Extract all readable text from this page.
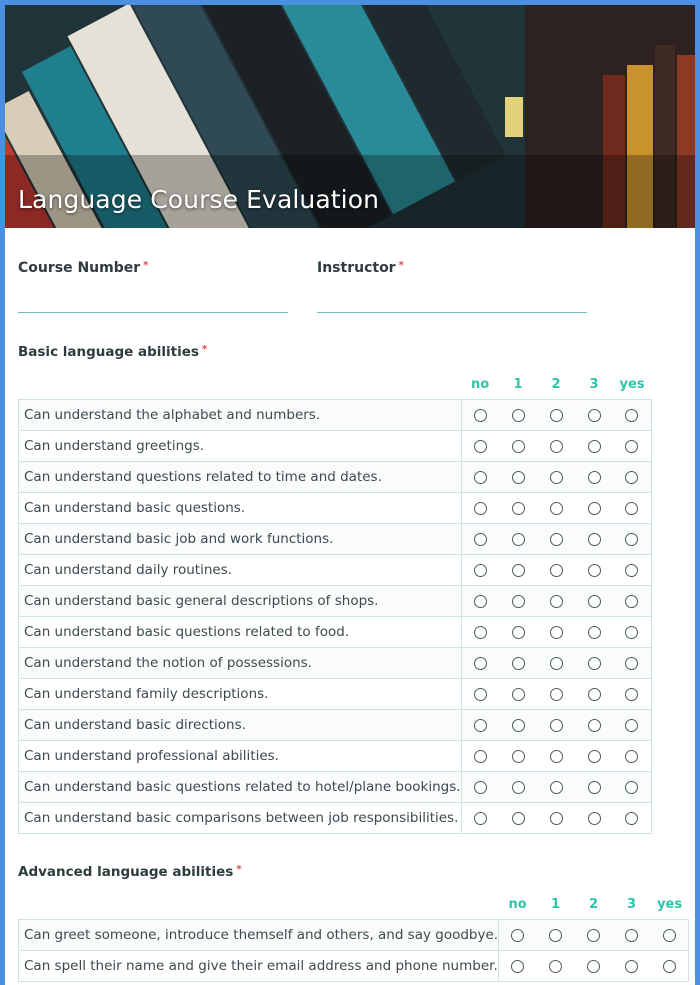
Language Course Evaluation
Course Number *	Instructor *
Basic language abilities *
	no	1	2	3	yes
Can understand the alphabet and numbers.					
Can understand greetings.					
Can understand questions related to time and dates.					
Can understand basic questions.					
Can understand basic job and work functions.					
Can understand daily routines.					
Can understand basic general descriptions of shops.					
Can understand basic questions related to food.					
Can understand the notion of possessions.					
Can understand family descriptions.					
Can understand basic directions.					
Can understand professional abilities.					
Can understand basic questions related to hotel/plane bookings.					
Can understand basic comparisons between job responsibilities.					
Advanced language abilities *
	no	1	2	3	yes
Can greet someone, introduce themself and others, and say goodbye.					
Can spell their name and give their email address and phone number.					
